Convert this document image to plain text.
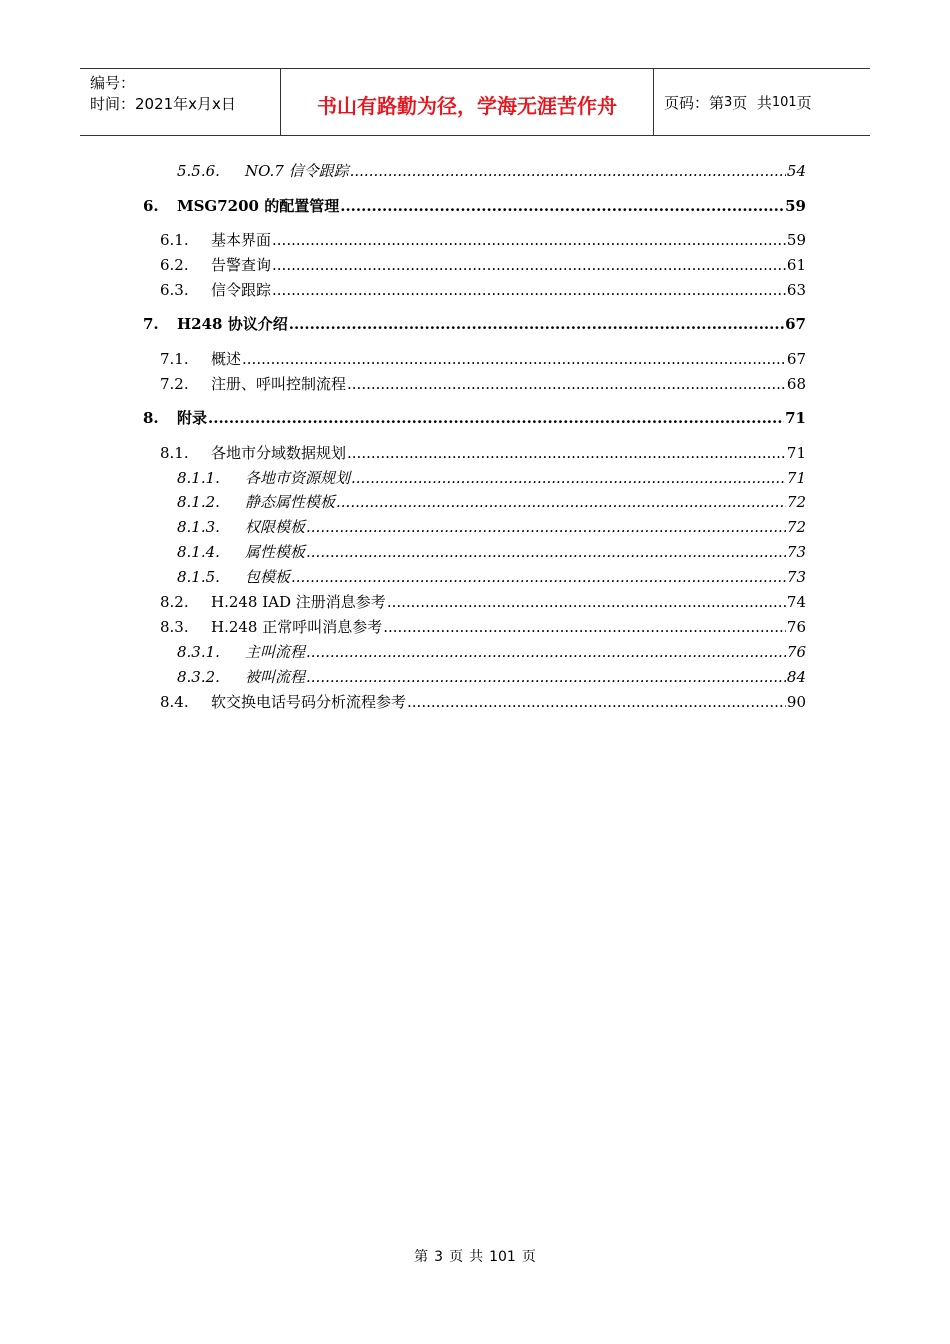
编号：
时间：2021年x月x日	书山有路勤为径，学海无涯苦作舟	页码：第 3 页  共 101 页
5.5.6.	NO.7 信令跟踪 .....	54
6.	MSG7200 的配置管理 .....	59
6.1.	基本界面 .....	59
6.2.	告警查询 .....	61
6.3.	信令跟踪 .....	63
7.	H248 协议介绍 .....	67
7.1.	概述 .....	67
7.2.	注册、呼叫控制流程 .....	68
8.	附录 .....	71
8.1.	各地市分域数据规划 .....	71
8.1.1.	各地市资源规划 .....	71
8.1.2.	静态属性模板 .....	72
8.1.3.	权限模板 .....	72
8.1.4.	属性模板 .....	73
8.1.5.	包模板 .....	73
8.2.	H.248 IAD 注册消息参考 .....	74
8.3.	H.248 正常呼叫消息参考 .....	76
8.3.1.	主叫流程 .....	76
8.3.2.	被叫流程 .....	84
8.4.	软交换电话号码分析流程参考 .....	90
第 3 页 共 101 页
